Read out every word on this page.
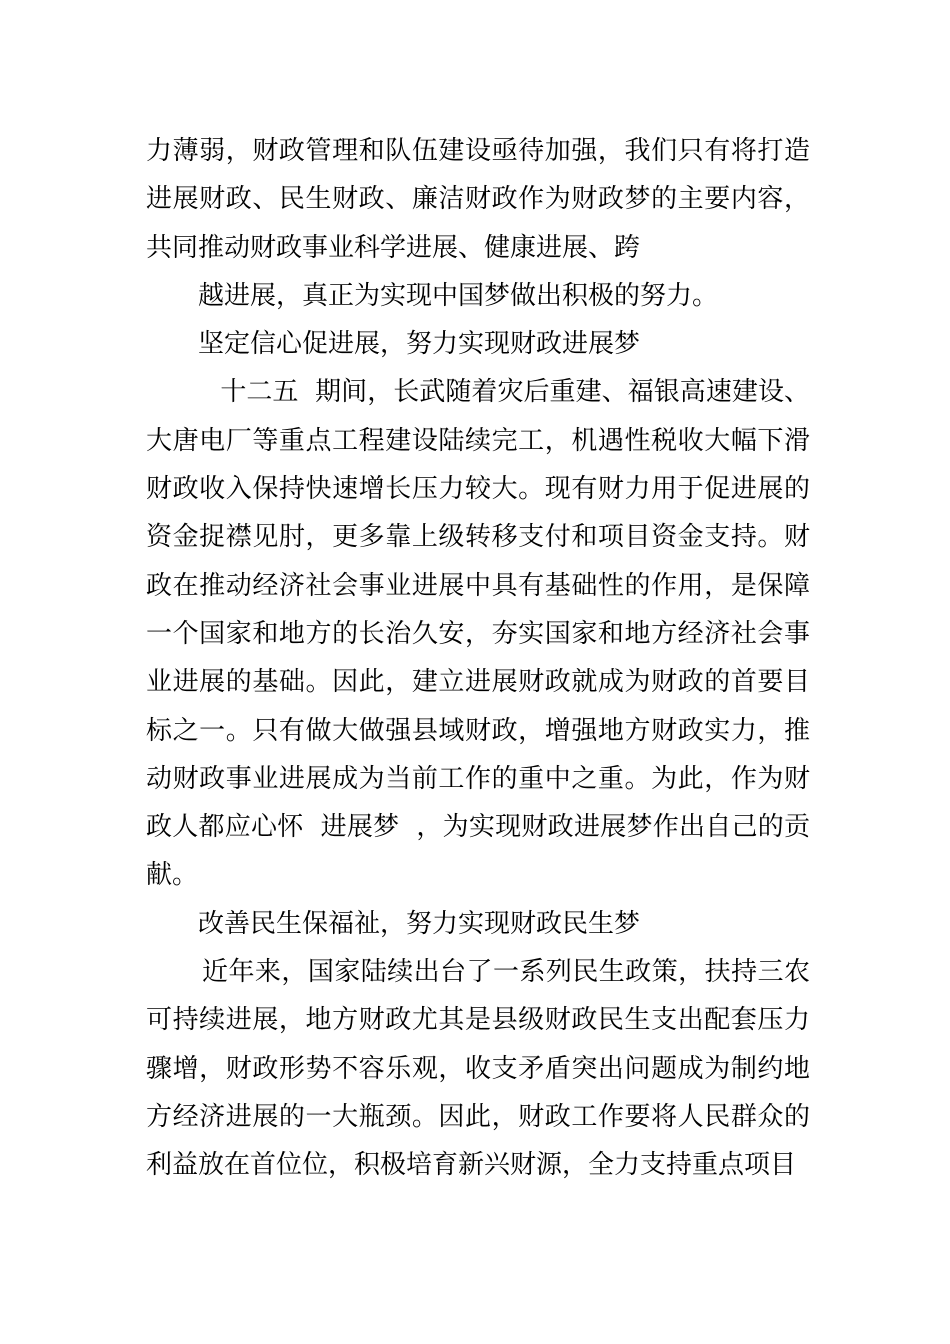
力薄弱，财政管理和队伍建设亟待加强，我们只有将打造进展财政、民生财政、廉洁财政作为财政梦的主要内容，共同推动财政事业科学进展、健康进展、跨

越进展，真正为实现中国梦做出积极的努力。

坚定信心促进展，努力实现财政进展梦

十二五  期间，长武随着灾后重建、福银高速建设、大唐电厂等重点工程建设陆续完工，机遇性税收大幅下滑财政收入保持快速增长压力较大。现有财力用于促进展的资金捉襟见肘，更多靠上级转移支付和项目资金支持。财政在推动经济社会事业进展中具有基础性的作用，是保障一个国家和地方的长治久安，夯实国家和地方经济社会事业进展的基础。因此，建立进展财政就成为财政的首要目标之一。只有做大做强县域财政，增强地方财政实力，推动财政事业进展成为当前工作的重中之重。为此，作为财政人都应心怀  进展梦  ，为实现财政进展梦作出自己的贡献。

改善民生保福祉，努力实现财政民生梦

近年来，国家陆续出台了一系列民生政策，扶持三农可持续进展，地方财政尤其是县级财政民生支出配套压力骤增，财政形势不容乐观，收支矛盾突出问题成为制约地方经济进展的一大瓶颈。因此，财政工作要将人民群众的利益放在首位位，积极培育新兴财源，全力支持重点项目
